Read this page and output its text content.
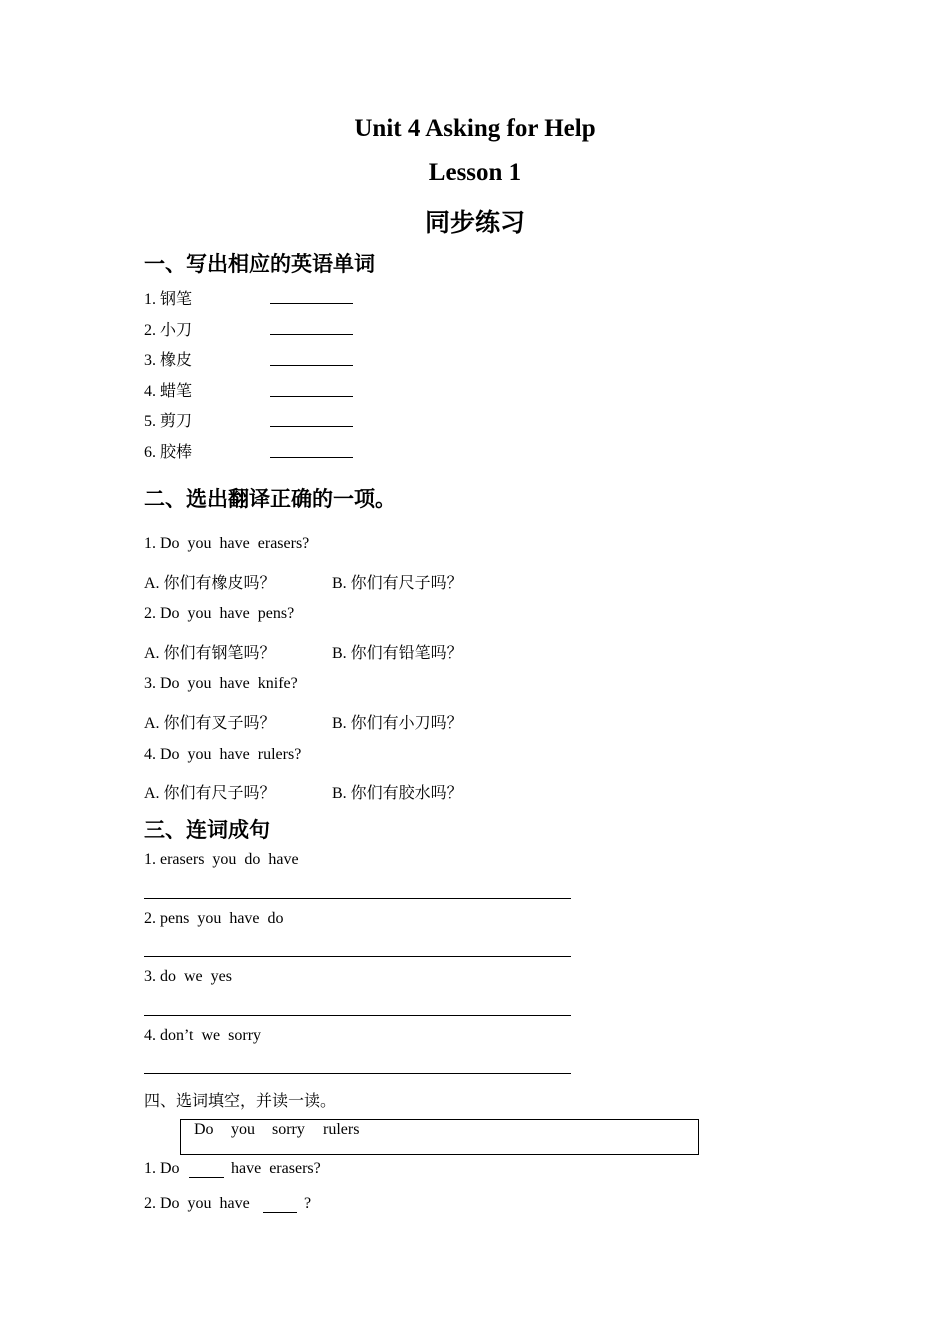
Unit 4 Asking for Help
Lesson 1
同步练习
一、写出相应的英语单词
1. 钢笔
2. 小刀
3. 橡皮
4. 蜡笔
5. 剪刀
6. 胶棒
二、选出翻译正确的一项。
1. Do  you  have  erasers?
A. 你们有橡皮吗？	B. 你们有尺子吗？
2. Do  you  have  pens?
A. 你们有钢笔吗？	B. 你们有铅笔吗？
3. Do  you  have  knife?
A. 你们有叉子吗？	B. 你们有小刀吗？
4. Do  you  have  rulers?
A. 你们有尺子吗？	B. 你们有胶水吗？
三、连词成句
1. erasers  you  do  have
2. pens  you  have  do
3. do  we  yes
4. don’t  we  sorry
四、选词填空，并读一读。
Do you sorry rulers
1. Do	have  erasers?
2. Do  you  have	?
